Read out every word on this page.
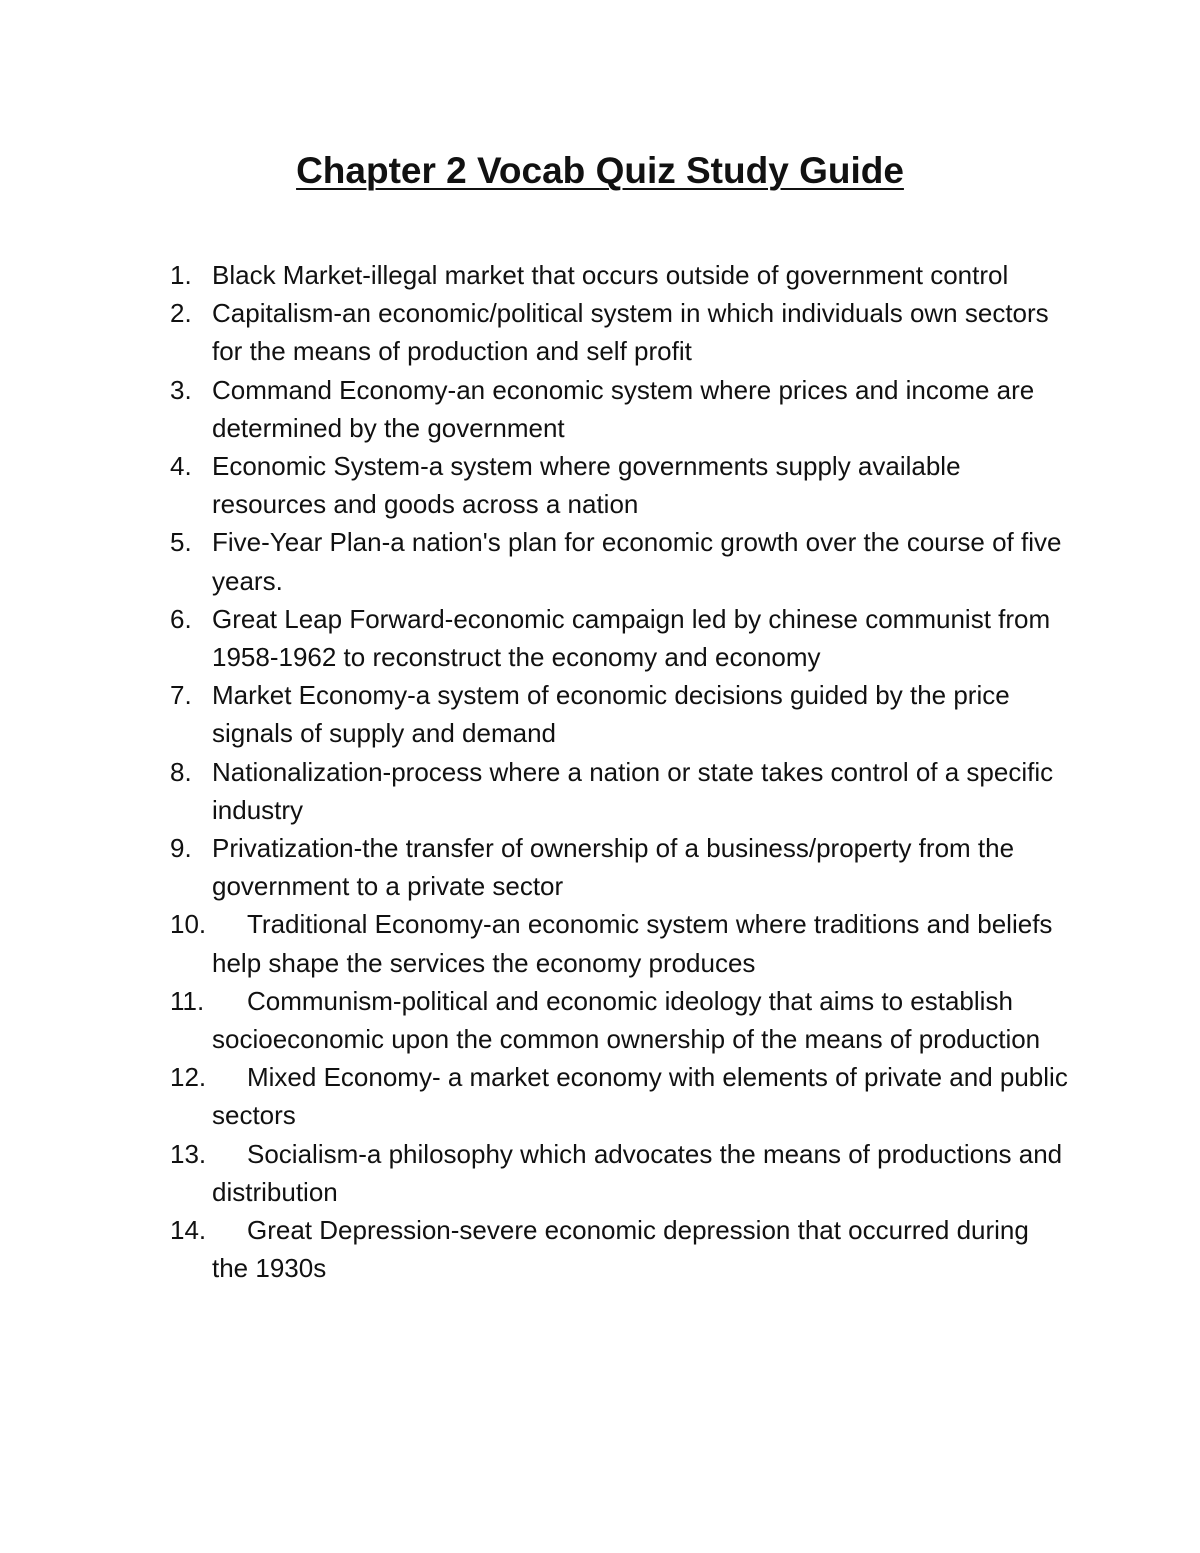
Chapter 2 Vocab Quiz Study Guide
1. Black Market-illegal market that occurs outside of government control
2. Capitalism-an economic/political system in which individuals own sectors for the means of production and self profit
3. Command Economy-an economic system where prices and income are determined by the government
4. Economic System-a system where governments supply available resources and goods across a nation
5. Five-Year Plan-a nation's plan for economic growth over the course of five years.
6. Great Leap Forward-economic campaign led by chinese communist from 1958-1962 to reconstruct the economy and economy
7. Market Economy-a system of economic decisions guided by the price signals of supply and demand
8. Nationalization-process where a nation or state takes control of a specific industry
9. Privatization-the transfer of ownership of a business/property from the government to a private sector
10.	Traditional Economy-an economic system where traditions and beliefs help shape the services the economy produces
11.	Communism-political and economic ideology that aims to establish socioeconomic upon the common ownership of the means of production
12.	Mixed Economy- a market economy with elements of private and public sectors
13.	Socialism-a philosophy which advocates the means of productions and distribution
14.	Great Depression-severe economic depression that occurred during the 1930s
